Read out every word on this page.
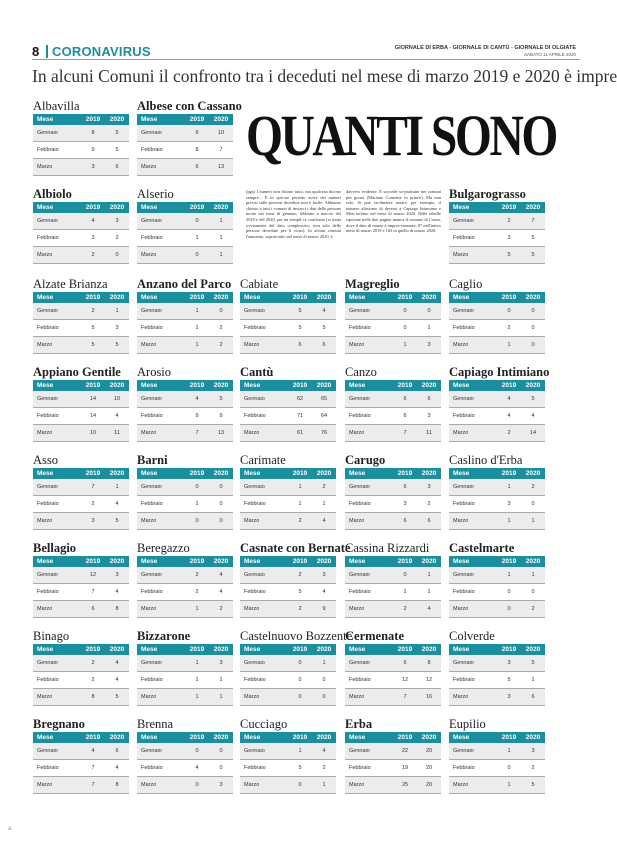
8 CORONAVIRUS	GIORNALE DI ERBA - GIORNALE DI CANTÙ - GIORNALE DI OLGIATE
SABATO 11 APRILE 2020
In alcuni Comuni il confronto tra i deceduti nel mese di marzo 2019 e 2020 è impre
QUANTI SONO

(pgs) I numeri non dicono tutto, ma qualcosa dicono sempre... E in que-sto periodo avere dei numeri precisi sulle persone decedute non è facile. Abbiamo chiesto a tutti i comuni di inviarci i dati delle persone morte nei mesi di gennaio, febbraio e mar-zo del 2019 e del 2020, per un sempli-ce confronto (si tratta ovviamente del dato complessivo, non solo delle persone decedute per il virus). In alcuni comuni l'aumento, soprat-tutto nel mese di marzo 2020, è

davvero evidente. E succede so-prattutto nei comuni più grossi (Mariano Comense in primis). Ma non solo. Si può facilmente notare, per esempio, il numero altissimo di decessi a Capiago Intimiano e Mon-torfano nel mese di marzo 2020. Nelle tabelle riportate nelle due pagine manca il comune di Como, dove il dato di marzo è impres-sionante: 87 nell'intero mese di marzo 2019 e 165 in quello di marzo 2020.

Albavilla
Mese	2019	2020
Gennaio	8	5
Febbraio	9	5
Marzo	3	6
Albese con Cassano
Mese	2019	2020
Gennaio	6	10
Febbraio	8	7
Marzo	6	13
Albiolo
Mese	2019	2020
Gennaio	4	3
Febbraio	3	2
Marzo	2	0
Alserio
Mese	2019	2020
Gennaio	0	1
Febbraio	1	1
Marzo	0	1
Bulgarograsso
Mese	2019	2020
Gennaio	2	7
Febbraio	3	5
Marzo	5	5
Alzate Brianza
Mese	2019	2020
Gennaio	2	1
Febbraio	5	3
Marzo	5	5
Anzano del Parco
Mese	2019	2020
Gennaio	1	0
Febbraio	1	2
Marzo	1	2
Cabiate
Mese	2019	2020
Gennaio	5	4
Febbraio	5	5
Marzo	6	6
Magreglio
Mese	2019	2020
Gennaio	0	0
Febbraio	0	1
Marzo	1	3
Caglio
Mese	2019	2020
Gennaio	0	0
Febbraio	2	0
Marzo	1	0
Appiano Gentile
Mese	2019	2020
Gennaio	14	10
Febbraio	14	4
Marzo	10	11
Arosio
Mese	2019	2020
Gennaio	4	5
Febbraio	9	9
Marzo	7	13
Cantù
Mese	2019	2020
Gennaio	62	65
Febbraio	71	64
Marzo	61	76
Canzo
Mese	2019	2020
Gennaio	6	6
Febbraio	6	3
Marzo	7	11
Capiago Intimiano
Mese	2019	2020
Gennaio	4	5
Febbraio	4	4
Marzo	2	14
Asso
Mese	2019	2020
Gennaio	7	1
Febbraio	2	4
Marzo	3	5
Barni
Mese	2019	2020
Gennaio	0	0
Febbraio	1	0
Marzo	0	0
Carimate
Mese	2019	2020
Gennaio	1	2
Febbraio	1	1
Marzo	2	4
Carugo
Mese	2019	2020
Gennaio	6	3
Febbraio	3	2
Marzo	6	6
Caslino d'Erba
Mese	2019	2020
Gennaio	1	2
Febbraio	3	0
Marzo	1	1
Bellagio
Mese	2019	2020
Gennaio	12	3
Febbraio	7	4
Marzo	6	8
Beregazzo
Mese	2019	2020
Gennaio	2	4
Febbraio	2	4
Marzo	1	2
Casnate con Bernate
Mese	2019	2020
Gennaio	2	3
Febbraio	5	4
Marzo	2	9
Cassina Rizzardi
Mese	2019	2020
Gennaio	0	1
Febbraio	1	1
Marzo	2	4
Castelmarte
Mese	2019	2020
Gennaio	1	1
Febbraio	0	0
Marzo	0	2
Binago
Mese	2019	2020
Gennaio	2	4
Febbraio	2	4
Marzo	8	5
Bizzarone
Mese	2019	2020
Gennaio	1	3
Febbraio	1	1
Marzo	1	1
Castelnuovo Bozzente
Mese	2019	2020
Gennaio	0	1
Febbraio	0	0
Marzo	0	0
Cermenate
Mese	2019	2020
Gennaio	6	8
Febbraio	12	12
Marzo	7	16
Colverde
Mese	2019	2020
Gennaio	3	5
Febbraio	5	1
Marzo	3	6
Bregnano
Mese	2019	2020
Gennaio	4	6
Febbraio	7	4
Marzo	7	8
Brenna
Mese	2019	2020
Gennaio	0	0
Febbraio	4	0
Marzo	0	3
Cucciago
Mese	2019	2020
Gennaio	1	4
Febbraio	5	2
Marzo	0	1
Erba
Mese	2019	2020
Gennaio	22	20
Febbraio	19	20
Marzo	25	20
Eupilio
Mese	2019	2020
Gennaio	1	3
Febbraio	0	2
Marzo	1	5
a
